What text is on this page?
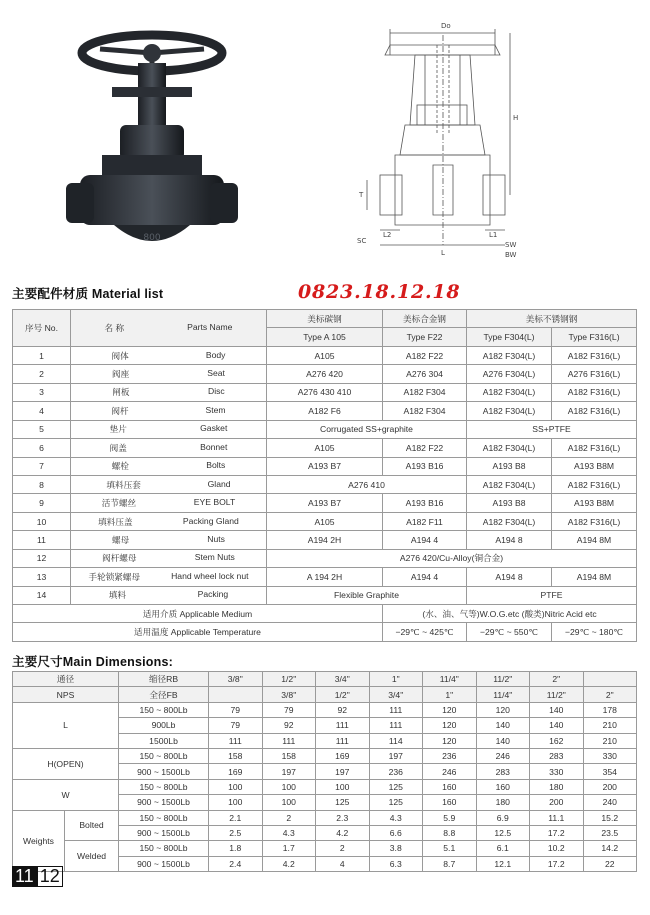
800
Do
H
T
SC
L2	L1
L
SW
BW
主要配件材质 Material list	0823.18.12.18
序号 No.	名 称 Parts Name	美标碳钢	美标合金钢	美标不锈钢钢	
		Type A 105	Type F22	Type F304(L)	Type F316(L)
1	阀体 Body	A105	A182 F22	A182 F304(L)	A182 F316(L)
2	阀座 Seat	A276 420	A276 304	A276 F304(L)	A276 F316(L)
3	闸板 Disc	A276 430 410	A182 F304	A182 F304(L)	A182 F316(L)
4	阀杆 Stem	A182 F6	A182 F304	A182 F304(L)	A182 F316(L)
5	垫片 Gasket	Corrugated SS+graphite		SS+PTFE	
6	阀盖 Bonnet	A105	A182 F22	A182 F304(L)	A182 F316(L)
7	螺栓 Bolts	A193 B7	A193 B16	A193 B8	A193 B8M
8	填料压套 Gland	A276 410		A182 F304(L)	A182 F316(L)
9	活节螺丝 EYE BOLT	A193 B7	A193 B16	A193 B8	A193 B8M
10	填料压盖 Packing Gland	A105	A182 F11	A182 F304(L)	A182 F316(L)
11	螺母 Nuts	A194 2H	A194 4	A194 8	A194 8M
12	阀杆螺母 Stem Nuts	A276 420/Cu-Alloy(铜合金)			
13	手轮锁紧螺母 Hand wheel lock nut	A 194 2H	A194 4	A194 8	A194 8M
14	填料 Packing	Flexible Graphite		PTFE	
适用介质 Applicable Medium			(水、油、气等)W.O.G.etc (酸类)Nitric Acid etc		
适用温度 Applicable Temperature			−29℃ ~ 425℃	−29℃ ~ 550℃	−29℃ ~ 180℃
主要尺寸Main Dimensions:
通径		缩径RB	3/8"	1/2"	3/4"	1"	11/4"	11/2"	2"	
NPS		全径FB		3/8"	1/2"	3/4"	1"	11/4"	11/2"	2"
L		150 ~ 800Lb	79	79	92	111	120	120	140	178
		900Lb	79	92	111	111	120	140	140	210
		1500Lb	111	111	111	114	120	140	162	210
H(OPEN)		150 ~ 800Lb	158	158	169	197	236	246	283	330
		900 ~ 1500Lb	169	197	197	236	246	283	330	354
W		150 ~ 800Lb	100	100	100	125	160	160	180	200
		900 ~ 1500Lb	100	100	125	125	160	180	200	240
Weights	Bolted	150 ~ 800Lb	2.1	2	2.3	4.3	5.9	6.9	11.1	15.2
		900 ~ 1500Lb	2.5	4.3	4.2	6.6	8.8	12.5	17.2	23.5
	Welded	150 ~ 800Lb	1.8	1.7	2	3.8	5.1	6.1	10.2	14.2
		900 ~ 1500Lb	2.4	4.2	4	6.3	8.7	12.1	17.2	22
11 12
